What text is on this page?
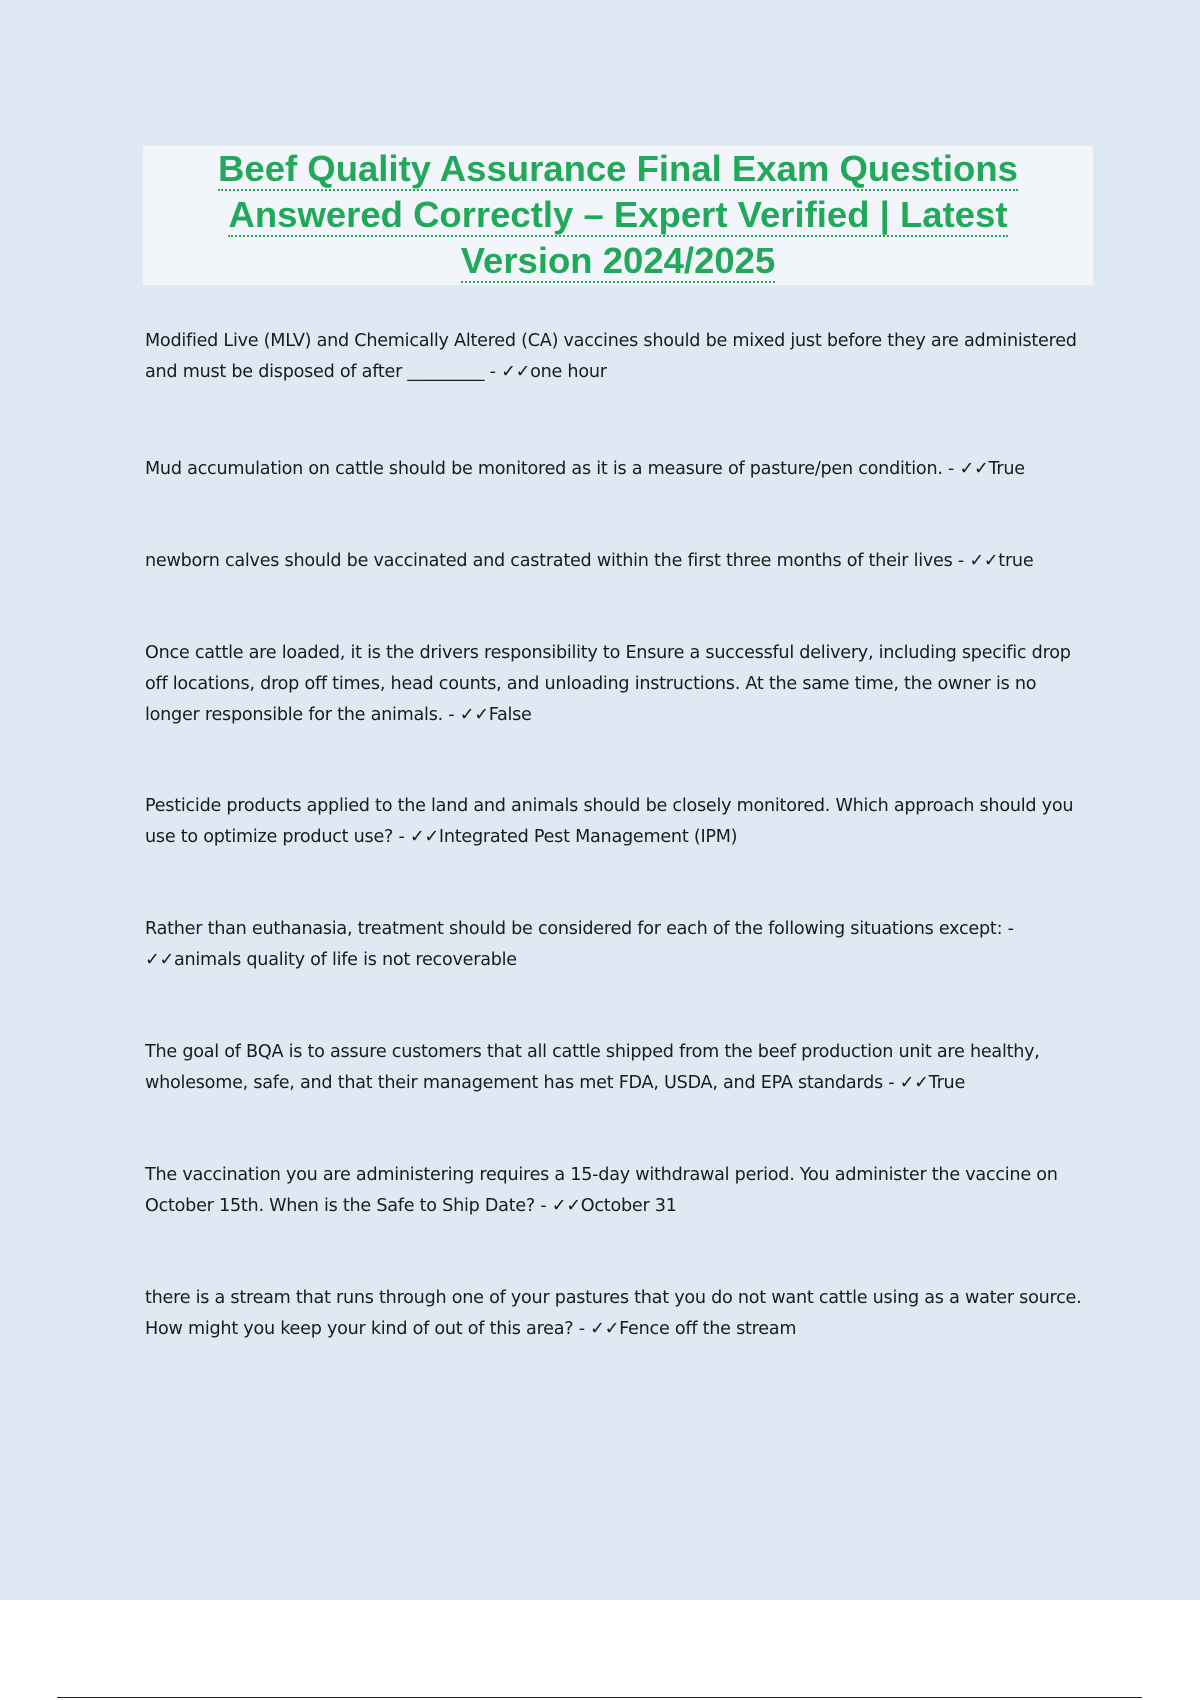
Beef Quality Assurance Final Exam Questions
Answered Correctly – Expert Verified | Latest
Version 2024/2025

Modified Live (MLV) and Chemically Altered (CA) vaccines should be mixed just before they are administered and must be disposed of after _________ - ✓✓one hour

Mud accumulation on cattle should be monitored as it is a measure of pasture/pen condition. - ✓✓True

newborn calves should be vaccinated and castrated within the first three months of their lives - ✓✓true

Once cattle are loaded, it is the drivers responsibility to Ensure a successful delivery, including specific drop off locations, drop off times, head counts, and unloading instructions. At the same time, the owner is no longer responsible for the animals. - ✓✓False

Pesticide products applied to the land and animals should be closely monitored. Which approach should you use to optimize product use? - ✓✓Integrated Pest Management (IPM)

Rather than euthanasia, treatment should be considered for each of the following situations except: - ✓✓animals quality of life is not recoverable

The goal of BQA is to assure customers that all cattle shipped from the beef production unit are healthy, wholesome, safe, and that their management has met FDA, USDA, and EPA standards - ✓✓True

The vaccination you are administering requires a 15-day withdrawal period. You administer the vaccine on October 15th. When is the Safe to Ship Date? - ✓✓October 31

there is a stream that runs through one of your pastures that you do not want cattle using as a water source. How might you keep your kind of out of this area? - ✓✓Fence off the stream
